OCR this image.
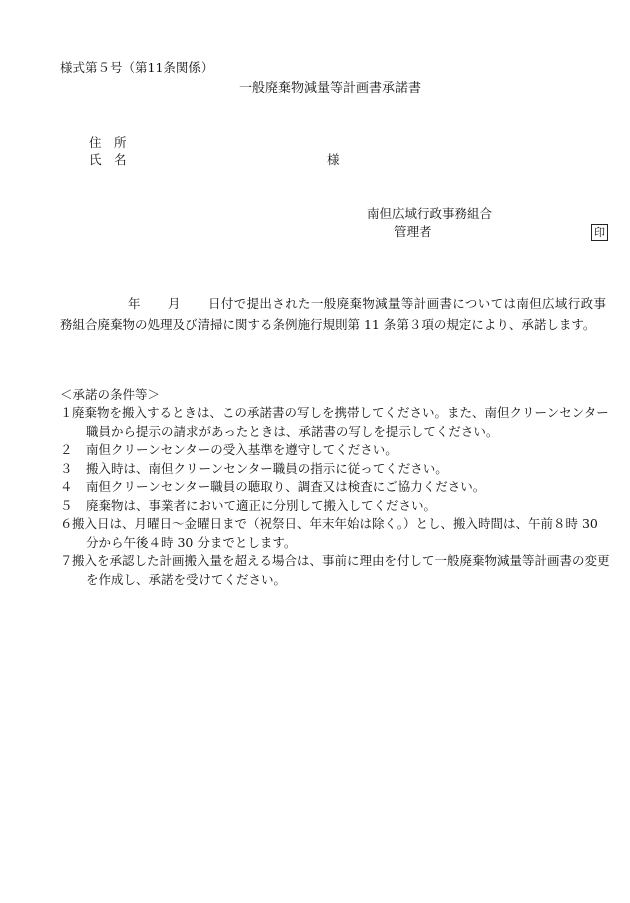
様式第５号（第11条関係）
一般廃棄物減量等計画書承諾書
住　所
氏　名	様
南但広域行政事務組合
管理者	印
年 月	日付で提出された一般廃棄物減量等計画書については南但広域行政事務組合廃棄物の処理及び清掃に関する条例施行規則第 11 条第３項の規定により、承諾します。

＜承諾の条件等＞
１ 廃棄物を搬入するときは、この承諾書の写しを携帯してください。また、南但クリーンセンター職員から提示の請求があったときは、承諾書の写しを提示してください。
２ 南但クリーンセンターの受入基準を遵守してください。
３ 搬入時は、南但クリーンセンター職員の指示に従ってください。
４ 南但クリーンセンター職員の聴取り、調査又は検査にご協力ください。
５ 廃棄物は、事業者において適正に分別して搬入してください。
６ 搬入日は、月曜日～金曜日まで（祝祭日、年末年始は除く。）とし、搬入時間は、午前８時 30 分から午後４時 30 分までとします。
７ 搬入を承認した計画搬入量を超える場合は、事前に理由を付して一般廃棄物減量等計画書の変更を作成し、承諾を受けてください。
